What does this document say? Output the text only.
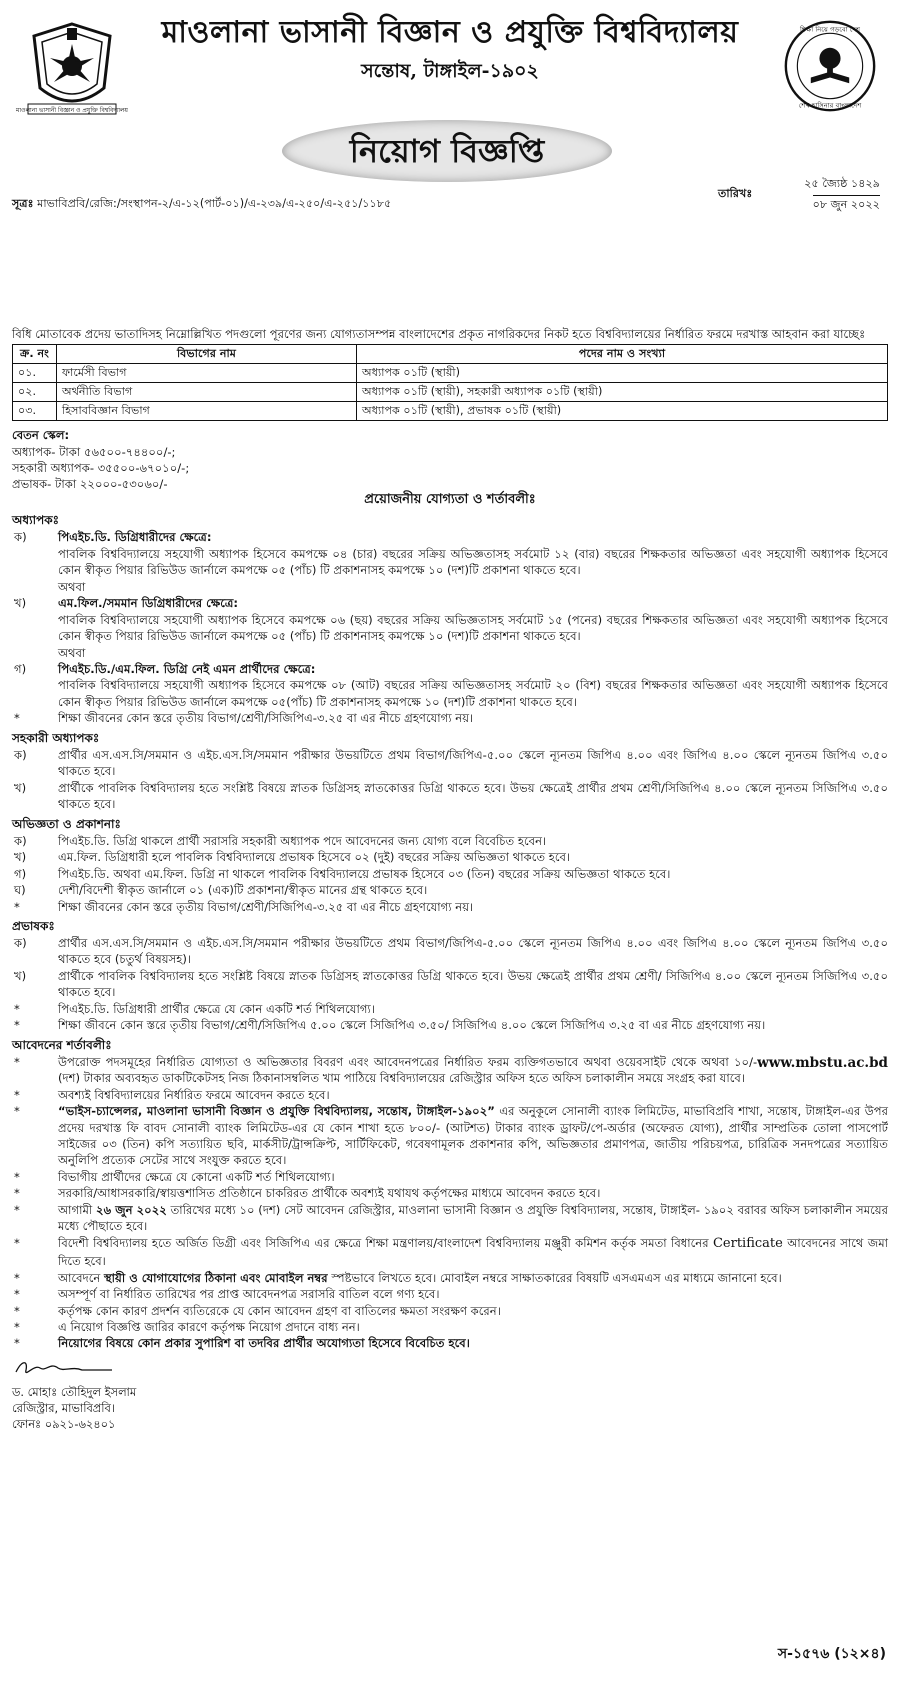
মাওলানা ভাসানী বিজ্ঞান ও প্রযুক্তি বিশ্ববিদ্যালয়
মাওলানা ভাসানী বিজ্ঞান ও প্রযুক্তি বিশ্ববিদ্যালয়
সন্তোষ, টাঙ্গাইল-১৯০২
শিক্ষা নিয়ে গড়বো দেশ
শেখ হাসিনার বাংলাদেশ
নিয়োগ বিজ্ঞপ্তি
সূত্রঃ মাভাবিপ্রবি/রেজি:/সংস্থাপন-২/এ-১২(পার্ট-০১)/এ-২৩৯/এ-২৫০/এ-২৫১/১১৮৫
তারিখঃ
২৫ জ্যৈষ্ঠ ১৪২৯
০৮ জুন ২০২২

বিধি মোতাবেক প্রদেয় ভাতাদিসহ নিম্নোল্লিখিত পদগুলো পূরণের জন্য যোগ্যতাসম্পন্ন বাংলাদেশের প্রকৃত নাগরিকদের নিকট হতে বিশ্ববিদ্যালয়ের নির্ধারিত ফরমে দরখাস্ত আহবান করা যাচ্ছেঃ

ক্র. নং	বিভাগের নাম	পদের নাম ও সংখ্যা
০১.	ফার্মেসী বিভাগ	অধ্যাপক ০১টি (স্থায়ী)
০২.	অর্থনীতি বিভাগ	অধ্যাপক ০১টি (স্থায়ী), সহকারী অধ্যাপক ০১টি (স্থায়ী)
০৩.	হিসাববিজ্ঞান বিভাগ	অধ্যাপক ০১টি (স্থায়ী), প্রভাষক ০১টি (স্থায়ী)
বেতন স্কেল:
অধ্যাপক- টাকা ৫৬৫০০-৭৪৪০০/-;
সহকারী অধ্যাপক- ৩৫৫০০-৬৭০১০/-;
প্রভাষক- টাকা ২২০০০-৫৩০৬০/-
প্রয়োজনীয় যোগ্যতা ও শর্তাবলীঃ
অধ্যাপকঃ
ক)	পিএইচ.ডি. ডিগ্রিধারীদের ক্ষেত্রে:
পাবলিক বিশ্ববিদ্যালয়ে সহযোগী অধ্যাপক হিসেবে কমপক্ষে ০৪ (চার) বছরের সক্রিয় অভিজ্ঞতাসহ সর্বমোট ১২ (বার) বছরের শিক্ষকতার অভিজ্ঞতা এবং সহযোগী অধ্যাপক হিসেবে কোন স্বীকৃত পিয়ার রিভিউড জার্নালে কমপক্ষে ০৫ (পাঁচ) টি প্রকাশনাসহ কমপক্ষে ১০ (দশ)টি প্রকাশনা থাকতে হবে।
অথবা
খ)	এম.ফিল./সমমান ডিগ্রিধারীদের ক্ষেত্রে:
পাবলিক বিশ্ববিদ্যালয়ে সহযোগী অধ্যাপক হিসেবে কমপক্ষে ০৬ (ছয়) বছরের সক্রিয় অভিজ্ঞতাসহ সর্বমোট ১৫ (পনের) বছরের শিক্ষকতার অভিজ্ঞতা এবং সহযোগী অধ্যাপক হিসেবে কোন স্বীকৃত পিয়ার রিভিউড জার্নালে কমপক্ষে ০৫ (পাঁচ) টি প্রকাশনাসহ কমপক্ষে ১০ (দশ)টি প্রকাশনা থাকতে হবে।
অথবা
গ)	পিএইচ.ডি./এম.ফিল. ডিগ্রি নেই এমন প্রার্থীদের ক্ষেত্রে:
পাবলিক বিশ্ববিদ্যালয়ে সহযোগী অধ্যাপক হিসেবে কমপক্ষে ০৮ (আট) বছরের সক্রিয় অভিজ্ঞতাসহ সর্বমোট ২০ (বিশ) বছরের শিক্ষকতার অভিজ্ঞতা এবং সহযোগী অধ্যাপক হিসেবে কোন স্বীকৃত পিয়ার রিভিউড জার্নালে কমপক্ষে ০৫(পাঁচ) টি প্রকাশনাসহ কমপক্ষে ১০ (দশ)টি প্রকাশনা থাকতে হবে।
*	শিক্ষা জীবনের কোন স্তরে তৃতীয় বিভাগ/শ্রেণী/সিজিপিএ-৩.২৫ বা এর নীচে গ্রহণযোগ্য নয়।
সহকারী অধ্যাপকঃ
ক)	প্রার্থীর এস.এস.সি/সমমান ও এইচ.এস.সি/সমমান পরীক্ষার উভয়টিতে প্রথম বিভাগ/জিপিএ-৫.০০ স্কেলে ন্যূনতম জিপিএ ৪.০০ এবং জিপিএ ৪.০০ স্কেলে ন্যূনতম জিপিএ ৩.৫০ থাকতে হবে।
খ)	প্রার্থীকে পাবলিক বিশ্ববিদ্যালয় হতে সংশ্লিষ্ট বিষয়ে স্নাতক ডিগ্রিসহ স্নাতকোত্তর ডিগ্রি থাকতে হবে। উভয় ক্ষেত্রেই প্রার্থীর প্রথম শ্রেণী/সিজিপিএ ৪.০০ স্কেলে ন্যূনতম সিজিপিএ ৩.৫০ থাকতে হবে।
অভিজ্ঞতা ও প্রকাশনাঃ
ক)	পিএইচ.ডি. ডিগ্রি থাকলে প্রার্থী সরাসরি সহকারী অধ্যাপক পদে আবেদনের জন্য যোগ্য বলে বিবেচিত হবেন।
খ)	এম.ফিল. ডিগ্রিধারী হলে পাবলিক বিশ্ববিদ্যালয়ে প্রভাষক হিসেবে ০২ (দুই) বছরের সক্রিয় অভিজ্ঞতা থাকতে হবে।
গ)	পিএইচ.ডি. অথবা এম.ফিল. ডিগ্রি না থাকলে পাবলিক বিশ্ববিদ্যালয়ে প্রভাষক হিসেবে ০৩ (তিন) বছরের সক্রিয় অভিজ্ঞতা থাকতে হবে।
ঘ)	দেশী/বিদেশী স্বীকৃত জার্নালে ০১ (এক)টি প্রকাশনা/স্বীকৃত মানের গ্রন্থ থাকতে হবে।
*	শিক্ষা জীবনের কোন স্তরে তৃতীয় বিভাগ/শ্রেণী/সিজিপিএ-৩.২৫ বা এর নীচে গ্রহণযোগ্য নয়।
প্রভাষকঃ
ক)	প্রার্থীর এস.এস.সি/সমমান ও এইচ.এস.সি/সমমান পরীক্ষার উভয়টিতে প্রথম বিভাগ/জিপিএ-৫.০০ স্কেলে ন্যূনতম জিপিএ ৪.০০ এবং জিপিএ ৪.০০ স্কেলে ন্যূনতম জিপিএ ৩.৫০ থাকতে হবে (চতুর্থ বিষয়সহ)।
খ)	প্রার্থীকে পাবলিক বিশ্ববিদ্যালয় হতে সংশ্লিষ্ট বিষয়ে স্নাতক ডিগ্রিসহ স্নাতকোত্তর ডিগ্রি থাকতে হবে। উভয় ক্ষেত্রেই প্রার্থীর প্রথম শ্রেণী/ সিজিপিএ ৪.০০ স্কেলে ন্যূনতম সিজিপিএ ৩.৫০ থাকতে হবে।
*	পিএইচ.ডি. ডিগ্রিধারী প্রার্থীর ক্ষেত্রে যে কোন একটি শর্ত শিথিলযোগ্য।
*	শিক্ষা জীবনে কোন স্তরে তৃতীয় বিভাগ/শ্রেণী/সিজিপিএ ৫.০০ স্কেলে সিজিপিএ ৩.৫০/ সিজিপিএ ৪.০০ স্কেলে সিজিপিএ ৩.২৫ বা এর নীচে গ্রহণযোগ্য নয়।
আবেদনের শর্তাবলীঃ
*	উপরোক্ত পদসমূহের নির্ধারিত যোগ্যতা ও অভিজ্ঞতার বিবরণ এবং আবেদনপত্রের নির্ধারিত ফরম ব্যক্তিগতভাবে অথবা	www.mbstu.ac.bd
ওয়েবসাইট থেকে অথবা ১০/- (দশ) টাকার অব্যবহৃত ডাকটিকেটসহ নিজ ঠিকানাসম্বলিত খাম পাঠিয়ে বিশ্ববিদ্যালয়ের রেজিস্ট্রার অফিস হতে অফিস চলাকালীন সময়ে সংগ্রহ করা যাবে।
*	অবশ্যই বিশ্ববিদ্যালয়ের নির্ধারিত ফরমে আবেদন করতে হবে।
*	“ভাইস-চ্যান্সেলর, মাওলানা ভাসানী বিজ্ঞান ও প্রযুক্তি বিশ্ববিদ্যালয়, সন্তোষ, টাঙ্গাইল-১৯০২” এর অনুকূলে সোনালী ব্যাংক লিমিটেড, মাভাবিপ্রবি শাখা, সন্তোষ, টাঙ্গাইল-এর উপর প্রদেয় দরখাস্ত ফি বাবদ সোনালী ব্যাংক লিমিটেড-এর যে কোন শাখা হতে ৮০০/- (আটশত) টাকার ব্যাংক ড্রাফট/পে-অর্ডার (অফেরত যোগ্য), প্রার্থীর সাম্প্রতিক তোলা পাসপোর্ট সাইজের ০৩ (তিন) কপি সত্যায়িত ছবি, মার্কসীট/ট্রান্সক্রিপ্ট, সার্টিফিকেট, গবেষণামূলক প্রকাশনার কপি, অভিজ্ঞতার প্রমাণপত্র, জাতীয় পরিচয়পত্র, চারিত্রিক সনদপত্রের সত্যায়িত অনুলিপি প্রত্যেক সেটের সাথে সংযুক্ত করতে হবে।
*	বিভাগীয় প্রার্থীদের ক্ষেত্রে যে কোনো একটি শর্ত শিথিলযোগ্য।
*	সরকারি/আধাসরকারি/স্বায়ত্তশাসিত প্রতিষ্ঠানে চাকরিরত প্রার্থীকে অবশ্যই যথাযথ কর্তৃপক্ষের মাধ্যমে আবেদন করতে হবে।
*	আগামী ২৬ জুন ২০২২ তারিখের মধ্যে ১০ (দশ) সেট আবেদন রেজিস্ট্রার, মাওলানা ভাসানী বিজ্ঞান ও প্রযুক্তি বিশ্ববিদ্যালয়, সন্তোষ, টাঙ্গাইল- ১৯০২ বরাবর অফিস চলাকালীন সময়ের মধ্যে পৌছাতে হবে।
*	বিদেশী বিশ্ববিদ্যালয় হতে অর্জিত ডিগ্রী এবং সিজিপিএ এর ক্ষেত্রে শিক্ষা মন্ত্রণালয়/বাংলাদেশ বিশ্ববিদ্যালয় মঞ্জুরী কমিশন কর্তৃক সমতা বিধানের Certificate আবেদনের সাথে জমা দিতে হবে।
*	আবেদনে স্থায়ী ও যোগাযোগের ঠিকানা এবং মোবাইল নম্বর স্পষ্টভাবে লিখতে হবে। মোবাইল নম্বরে সাক্ষাতকারের বিষয়টি এসএমএস এর মাধ্যমে জানানো হবে।
*	অসম্পূর্ণ বা নির্ধারিত তারিখের পর প্রাপ্ত আবেদনপত্র সরাসরি বাতিল বলে গণ্য হবে।
*	কর্তৃপক্ষ কোন কারণ প্রদর্শন ব্যতিরেকে যে কোন আবেদন গ্রহণ বা বাতিলের ক্ষমতা সংরক্ষণ করেন।
*	এ নিয়োগ বিজ্ঞপ্তি জারির কারণে কর্তৃপক্ষ নিয়োগ প্রদানে বাধ্য নন।
*	নিয়োগের বিষয়ে কোন প্রকার সুপারিশ বা তদবির প্রার্থীর অযোগ্যতা হিসেবে বিবেচিত হবে।
ড. মোহাঃ তৌহিদুল ইসলাম
রেজিস্ট্রার, মাভাবিপ্রবি।
ফোনঃ ০৯২১-৬২৪০১
স-১৫৭৬ (১২×৪)
